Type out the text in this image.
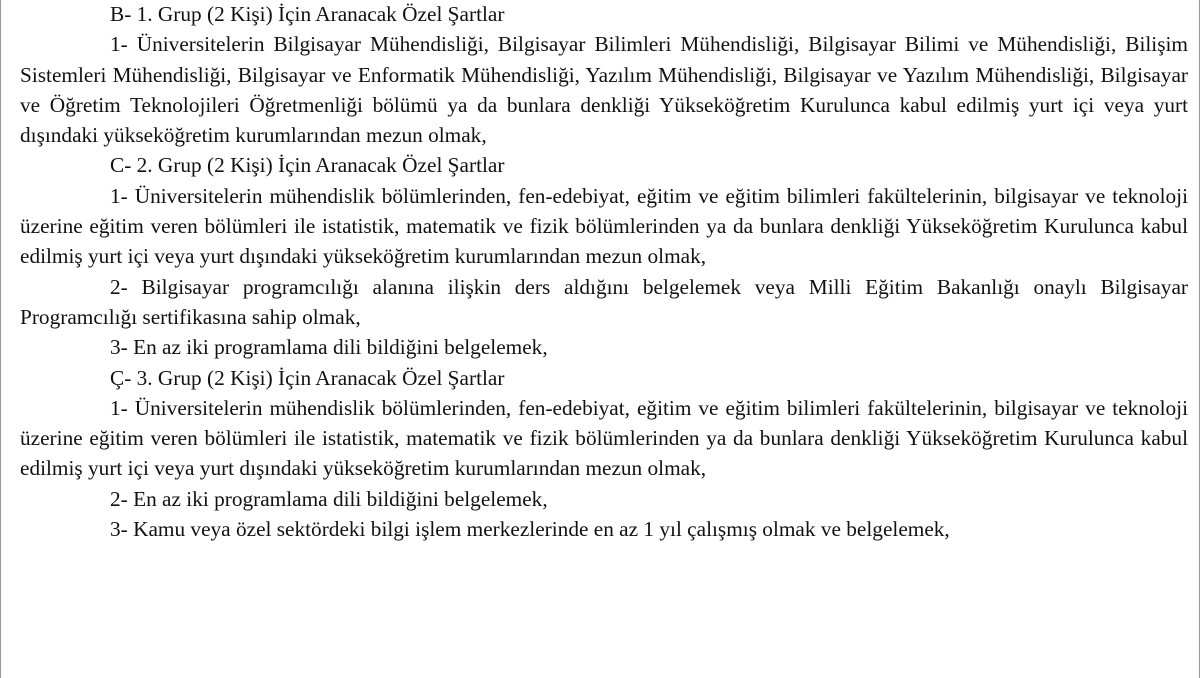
B- 1. Grup (2 Kişi) İçin Aranacak Özel Şartlar

1- Üniversitelerin Bilgisayar Mühendisliği, Bilgisayar Bilimleri Mühendisliği, Bilgisayar Bilimi ve Mühendisliği, Bilişim Sistemleri Mühendisliği, Bilgisayar ve Enformatik Mühendisliği, Yazılım Mühendisliği, Bilgisayar ve Yazılım Mühendisliği, Bilgisayar ve Öğretim Teknolojileri Öğretmenliği bölümü ya da bunlara denkliği Yükseköğretim Kurulunca kabul edilmiş yurt içi veya yurt dışındaki yükseköğretim kurumlarından mezun olmak,

C- 2. Grup (2 Kişi) İçin Aranacak Özel Şartlar

1- Üniversitelerin mühendislik bölümlerinden, fen-edebiyat, eğitim ve eğitim bilimleri fakültelerinin, bilgisayar ve teknoloji üzerine eğitim veren bölümleri ile istatistik, matematik ve fizik bölümlerinden ya da bunlara denkliği Yükseköğretim Kurulunca kabul edilmiş yurt içi veya yurt dışındaki yükseköğretim kurumlarından mezun olmak,

2- Bilgisayar programcılığı alanına ilişkin ders aldığını belgelemek veya Milli Eğitim Bakanlığı onaylı Bilgisayar Programcılığı sertifikasına sahip olmak,

3- En az iki programlama dili bildiğini belgelemek,

Ç- 3. Grup (2 Kişi) İçin Aranacak Özel Şartlar

1- Üniversitelerin mühendislik bölümlerinden, fen-edebiyat, eğitim ve eğitim bilimleri fakültelerinin, bilgisayar ve teknoloji üzerine eğitim veren bölümleri ile istatistik, matematik ve fizik bölümlerinden ya da bunlara denkliği Yükseköğretim Kurulunca kabul edilmiş yurt içi veya yurt dışındaki yükseköğretim kurumlarından mezun olmak,

2- En az iki programlama dili bildiğini belgelemek,

3- Kamu veya özel sektördeki bilgi işlem merkezlerinde en az 1 yıl çalışmış olmak ve belgelemek,
